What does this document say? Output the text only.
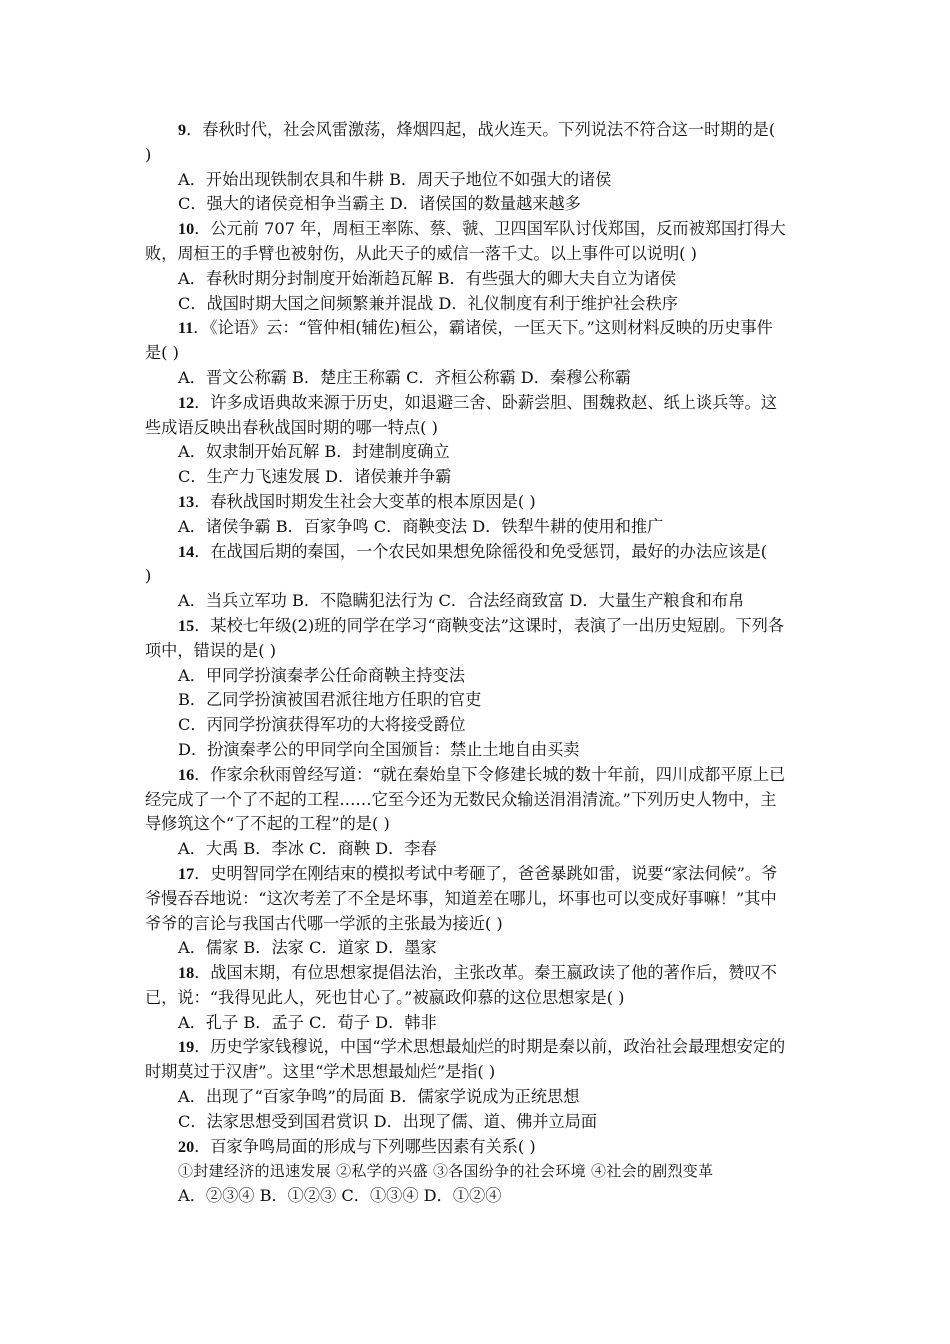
9．春秋时代，社会风雷激荡，烽烟四起，战火连天。下列说法不符合这一时期的是(
)
A．开始出现铁制农具和牛耕 B．周天子地位不如强大的诸侯
C．强大的诸侯竞相争当霸主 D．诸侯国的数量越来越多
10．公元前 707 年，周桓王率陈、蔡、虢、卫四国军队讨伐郑国，反而被郑国打得大
败，周桓王的手臂也被射伤，从此天子的威信一落千丈。以上事件可以说明( )
A．春秋时期分封制度开始渐趋瓦解 B．有些强大的卿大夫自立为诸侯
C．战国时期大国之间频繁兼并混战 D．礼仪制度有利于维护社会秩序
11．《论语》云：“管仲相(辅佐)桓公，霸诸侯，一匡天下。”这则材料反映的历史事件
是( )
A．晋文公称霸 B．楚庄王称霸 C．齐桓公称霸 D．秦穆公称霸
12．许多成语典故来源于历史，如退避三舍、卧薪尝胆、围魏救赵、纸上谈兵等。这
些成语反映出春秋战国时期的哪一特点( )
A．奴隶制开始瓦解 B．封建制度确立
C．生产力飞速发展 D．诸侯兼并争霸
13．春秋战国时期发生社会大变革的根本原因是( )
A．诸侯争霸 B．百家争鸣 C．商鞅变法 D．铁犁牛耕的使用和推广
14．在战国后期的秦国，一个农民如果想免除徭役和免受惩罚，最好的办法应该是(
)
A．当兵立军功 B．不隐瞒犯法行为 C．合法经商致富 D．大量生产粮食和布帛
15．某校七年级(2)班的同学在学习“商鞅变法”这课时，表演了一出历史短剧。下列各
项中，错误的是( )
A．甲同学扮演秦孝公任命商鞅主持变法
B．乙同学扮演被国君派往地方任职的官吏
C．丙同学扮演获得军功的大将接受爵位
D．扮演秦孝公的甲同学向全国颁旨：禁止土地自由买卖
16．作家余秋雨曾经写道：“就在秦始皇下令修建长城的数十年前，四川成都平原上已
经完成了一个了不起的工程……它至今还为无数民众输送涓涓清流。”下列历史人物中，主
导修筑这个“了不起的工程”的是( )
A．大禹 B．李冰 C．商鞅 D．李春
17．史明智同学在刚结束的模拟考试中考砸了，爸爸暴跳如雷，说要“家法伺候”。爷
爷慢吞吞地说：“这次考差了不全是坏事，知道差在哪儿，坏事也可以变成好事嘛！”其中
爷爷的言论与我国古代哪一学派的主张最为接近( )
A．儒家 B．法家 C．道家 D．墨家
18．战国末期，有位思想家提倡法治，主张改革。秦王嬴政读了他的著作后，赞叹不
已，说：“我得见此人，死也甘心了。”被嬴政仰慕的这位思想家是( )
A．孔子 B．孟子 C．荀子 D．韩非
19．历史学家钱穆说，中国“学术思想最灿烂的时期是秦以前，政治社会最理想安定的
时期莫过于汉唐”。这里“学术思想最灿烂”是指( )
A．出现了“百家争鸣”的局面 B．儒家学说成为正统思想
C．法家思想受到国君赏识 D．出现了儒、道、佛并立局面
20．百家争鸣局面的形成与下列哪些因素有关系( )
①封建经济的迅速发展 ②私学的兴盛 ③各国纷争的社会环境 ④社会的剧烈变革
A．②③④ B．①②③ C．①③④ D．①②④
